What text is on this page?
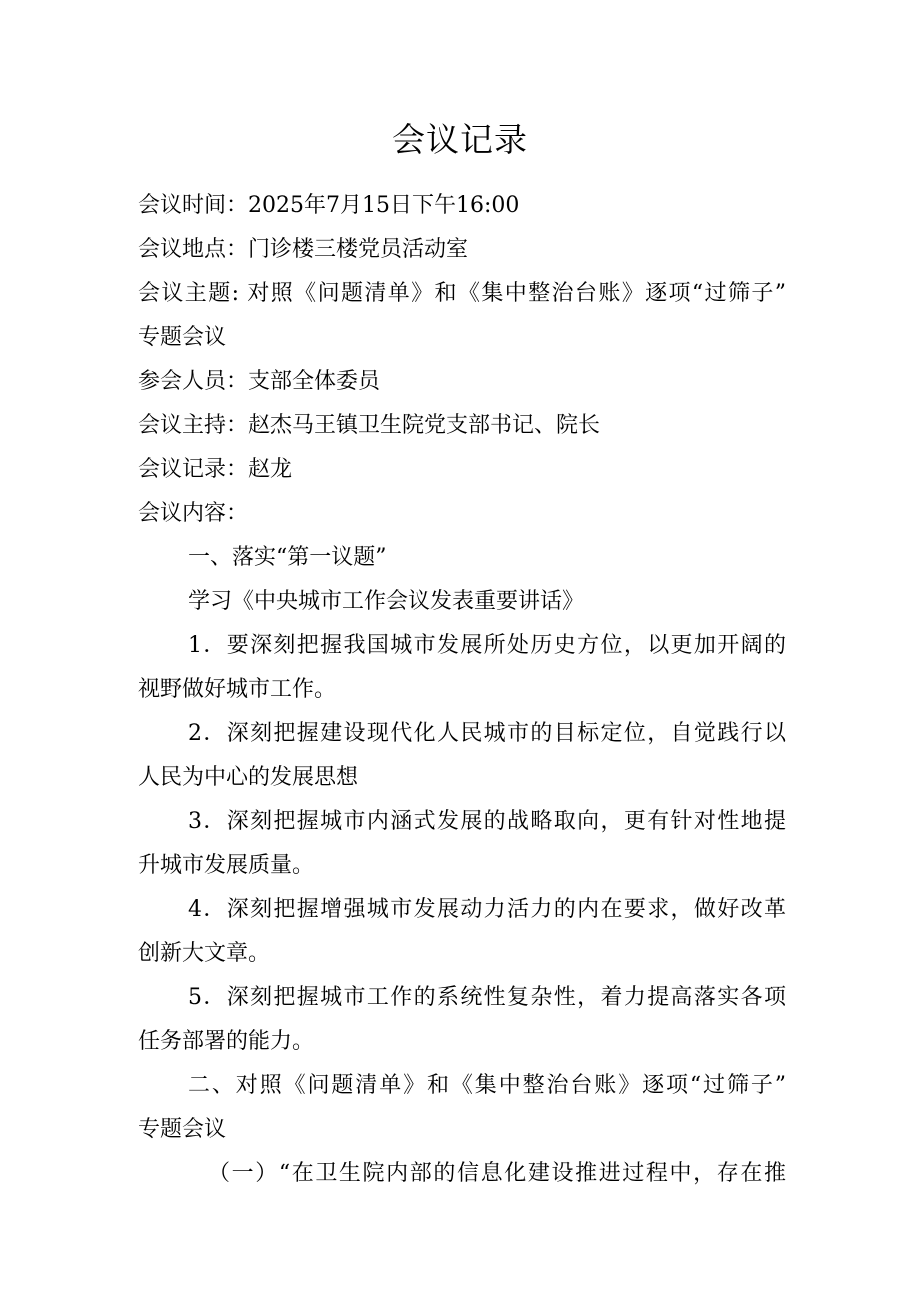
会议记录

会议时间：2025年7月15日下午16:00

会议地点：门诊楼三楼党员活动室

会议主题: 对照《问题清单》和《集中整治台账》逐项“过筛子”

专题会议

参会人员：支部全体委员

会议主持：赵杰马王镇卫生院党支部书记、院长

会议记录：赵龙

会议内容：

一、落实“第一议题”

学习《中央城市工作会议发表重要讲话》

1．要深刻把握我国城市发展所处历史方位，以更加开阔的

视野做好城市工作。

2．深刻把握建设现代化人民城市的目标定位，自觉践行以

人民为中心的发展思想

3．深刻把握城市内涵式发展的战略取向，更有针对性地提

升城市发展质量。

4．深刻把握增强城市发展动力活力的内在要求，做好改革

创新大文章。

5．深刻把握城市工作的系统性复杂性，着力提高落实各项

任务部署的能力。

二、对照《问题清单》和《集中整治台账》逐项“过筛子”

专题会议

（一）“在卫生院内部的信息化建设推进过程中，存在推
